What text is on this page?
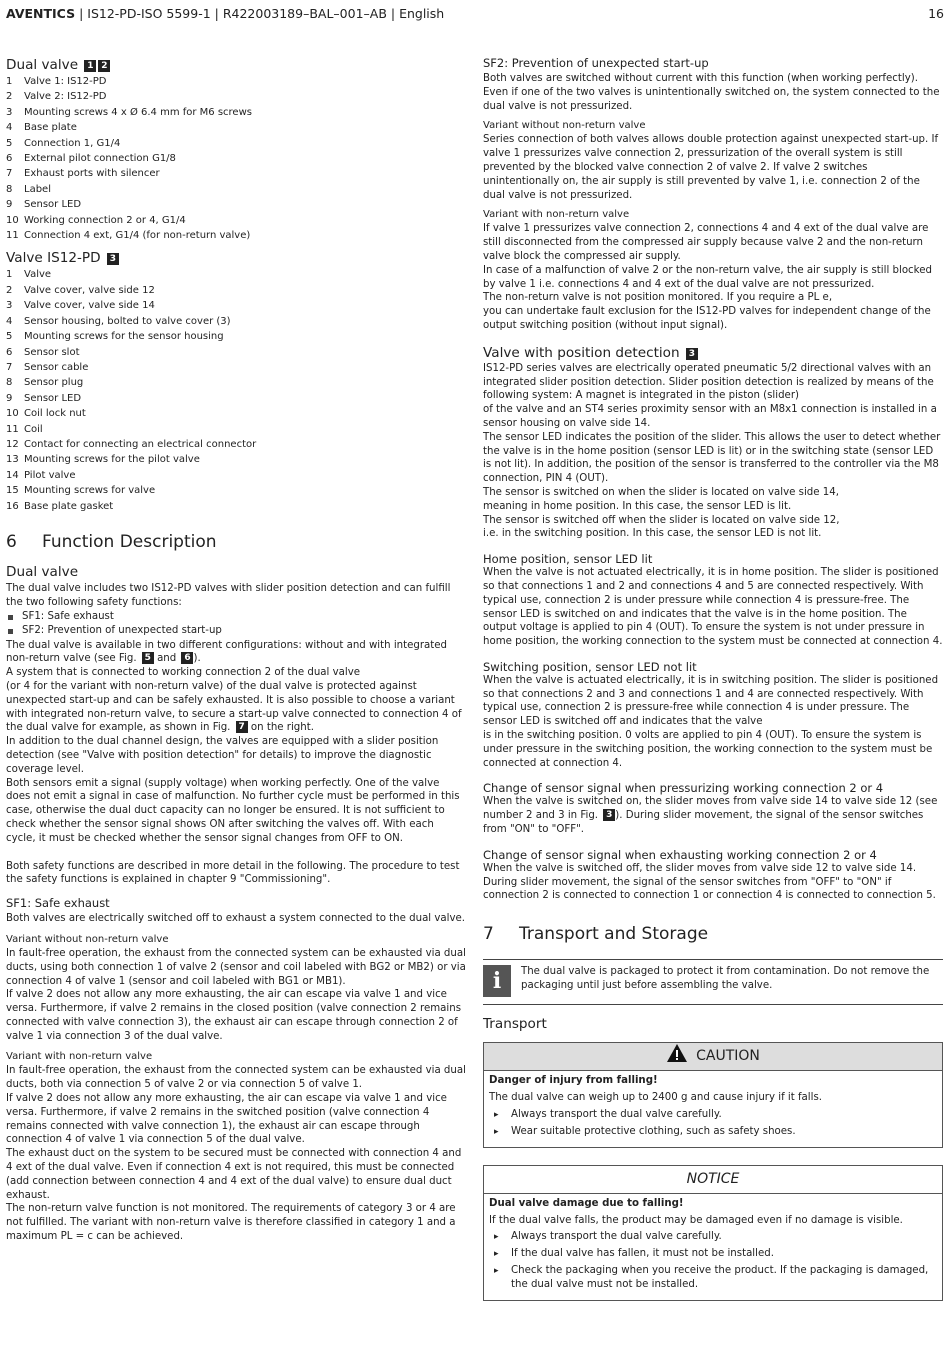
AVENTICS | IS12-PD-ISO 5599-1 | R422003189–BAL–001–AB | English	16
Dual valve 1 2
1 Valve 1: IS12-PD
2 Valve 2: IS12-PD
3 Mounting screws 4 x Ø 6.4 mm for M6 screws
4 Base plate
5 Connection 1, G1/4
6 External pilot connection G1/8
7 Exhaust ports with silencer
8 Label
9 Sensor LED
10 Working connection 2 or 4, G1/4
11 Connection 4 ext, G1/4 (for non-return valve)
Valve IS12-PD 3
1 Valve
2 Valve cover, valve side 12
3 Valve cover, valve side 14
4 Sensor housing, bolted to valve cover (3)
5 Mounting screws for the sensor housing
6 Sensor slot
7 Sensor cable
8 Sensor plug
9 Sensor LED
10 Coil lock nut
11 Coil
12 Contact for connecting an electrical connector
13 Mounting screws for the pilot valve
14 Pilot valve
15 Mounting screws for valve
16 Base plate gasket
6 Function Description
Dual valve

The dual valve includes two IS12-PD valves with slider position detection and can fulfill the two following safety functions:

SF1: Safe exhaust
SF2: Prevention of unexpected start-up

The dual valve is available in two different configurations: without and with integrated non-return valve (see Fig. 5 and 6 ).

A system that is connected to working connection 2 of the dual valve
(or 4 for the variant with non-return valve) of the dual valve is protected against unexpected start-up and can be safely exhausted. It is also possible to choose a variant with integrated non-return valve, to secure a start-up valve connected to connection 4 of the dual valve for example, as shown in Fig. 7 on the right.

In addition to the dual channel design, the valves are equipped with a slider position detection (see "Valve with position detection" for details) to improve the diagnostic coverage level.

Both sensors emit a signal (supply voltage) when working perfectly. One of the valve does not emit a signal in case of malfunction. No further cycle must be performed in this case, otherwise the dual duct capacity can no longer be ensured. It is not sufficient to check whether the sensor signal shows ON after switching the valves off. With each cycle, it must be checked whether the sensor signal changes from OFF to ON.

Both safety functions are described in more detail in the following. The procedure to test the safety functions is explained in chapter 9 "Commissioning".

SF1: Safe exhaust

Both valves are electrically switched off to exhaust a system connected to the dual valve.

Variant without non-return valve

In fault-free operation, the exhaust from the connected system can be exhausted via dual ducts, using both connection 1 of valve 2 (sensor and coil labeled with BG2 or MB2) or via connection 4 of valve 1 (sensor and coil labeled with BG1 or MB1).

If valve 2 does not allow any more exhausting, the air can escape via valve 1 and vice versa. Furthermore, if valve 2 remains in the closed position (valve connection 2 remains connected with valve connection 3), the exhaust air can escape through connection 2 of valve 1 via connection 3 of the dual valve.

Variant with non-return valve

In fault-free operation, the exhaust from the connected system can be exhausted via dual ducts, both via connection 5 of valve 2 or via connection 5 of valve 1.

If valve 2 does not allow any more exhausting, the air can escape via valve 1 and vice versa. Furthermore, if valve 2 remains in the switched position (valve connection 4 remains connected with valve connection 1), the exhaust air can escape through connection 4 of valve 1 via connection 5 of the dual valve.

The exhaust duct on the system to be secured must be connected with connection 4 and 4 ext of the dual valve. Even if connection 4 ext is not required, this must be connected (add connection between connection 4 and 4 ext of the dual valve) to ensure dual duct exhaust.

The non-return valve function is not monitored. The requirements of category 3 or 4 are not fulfilled. The variant with non-return valve is therefore classified in category 1 and a maximum PL = c can be achieved.

SF2: Prevention of unexpected start-up

Both valves are switched without current with this function (when working perfectly). Even if one of the two valves is unintentionally switched on, the system connected to the dual valve is not pressurized.

Variant without non-return valve

Series connection of both valves allows double protection against unexpected start-up. If valve 1 pressurizes valve connection 2, pressurization of the overall system is still prevented by the blocked valve connection 2 of valve 2. If valve 2 switches unintentionally on, the air supply is still prevented by valve 1, i.e. connection 2 of the dual valve is not pressurized.

Variant with non-return valve

If valve 1 pressurizes valve connection 2, connections 4 and 4 ext of the dual valve are still disconnected from the compressed air supply because valve 2 and the non-return valve block the compressed air supply.

In case of a malfunction of valve 2 or the non-return valve, the air supply is still blocked by valve 1 i.e. connections 4 and 4 ext of the dual valve are not pressurized.

The non-return valve is not position monitored. If you require a PL e,

you can undertake fault exclusion for the IS12-PD valves for independent change of the output switching position (without input signal).

Valve with position detection 3

IS12-PD series valves are electrically operated pneumatic 5/2 directional valves with an integrated slider position detection. Slider position detection is realized by means of the following system: A magnet is integrated in the piston (slider)

of the valve and an ST4 series proximity sensor with an M8x1 connection is installed in a sensor housing on valve side 14.

The sensor LED indicates the position of the slider. This allows the user to detect whether the valve is in the home position (sensor LED is lit) or in the switching state (sensor LED is not lit). In addition, the position of the sensor is transferred to the controller via the M8 connection, PIN 4 (OUT).

The sensor is switched on when the slider is located on valve side 14,

meaning in home position. In this case, the sensor LED is lit.

The sensor is switched off when the slider is located on valve side 12,

i.e. in the switching position. In this case, the sensor LED is not lit.

Home position, sensor LED lit

When the valve is not actuated electrically, it is in home position. The slider is positioned so that connections 1 and 2 and connections 4 and 5 are connected respectively. With typical use, connection 2 is under pressure while connection 4 is pressure-free. The sensor LED is switched on and indicates that the valve is in the home position. The output voltage is applied to pin 4 (OUT). To ensure the system is not under pressure in home position, the working connection to the system must be connected at connection 4.

Switching position, sensor LED not lit

When the valve is actuated electrically, it is in switching position. The slider is positioned so that connections 2 and 3 and connections 1 and 4 are connected respectively. With typical use, connection 2 is pressure-free while connection 4 is under pressure. The sensor LED is switched off and indicates that the valve

is in the switching position. 0 volts are applied to pin 4 (OUT). To ensure the system is under pressure in the switching position, the working connection to the system must be connected at connection 4.

Change of sensor signal when pressurizing working connection 2 or 4

When the valve is switched on, the slider moves from valve side 14 to valve side 12 (see number 2 and 3 in Fig. 3 ). During slider movement, the signal of the sensor switches from "ON" to "OFF".

Change of sensor signal when exhausting working connection 2 or 4

When the valve is switched off, the slider moves from valve side 12 to valve side 14. During slider movement, the signal of the sensor switches from "OFF" to "ON" if connection 2 is connected to connection 1 or connection 4 is connected to connection 5.

7 Transport and Storage
i	The dual valve is packaged to protect it from contamination. Do not remove the packaging until just before assembling the valve.

Transport
CAUTION

Danger of injury from falling!

The dual valve can weigh up to 2400 g and cause injury if it falls.

▸ Always transport the dual valve carefully.
▸ Wear suitable protective clothing, such as safety shoes.
NOTICE

Dual valve damage due to falling!

If the dual valve falls, the product may be damaged even if no damage is visible.

▸ Always transport the dual valve carefully.
▸ If the dual valve has fallen, it must not be installed.
▸ Check the packaging when you receive the product. If the packaging is damaged, the dual valve must not be installed.
